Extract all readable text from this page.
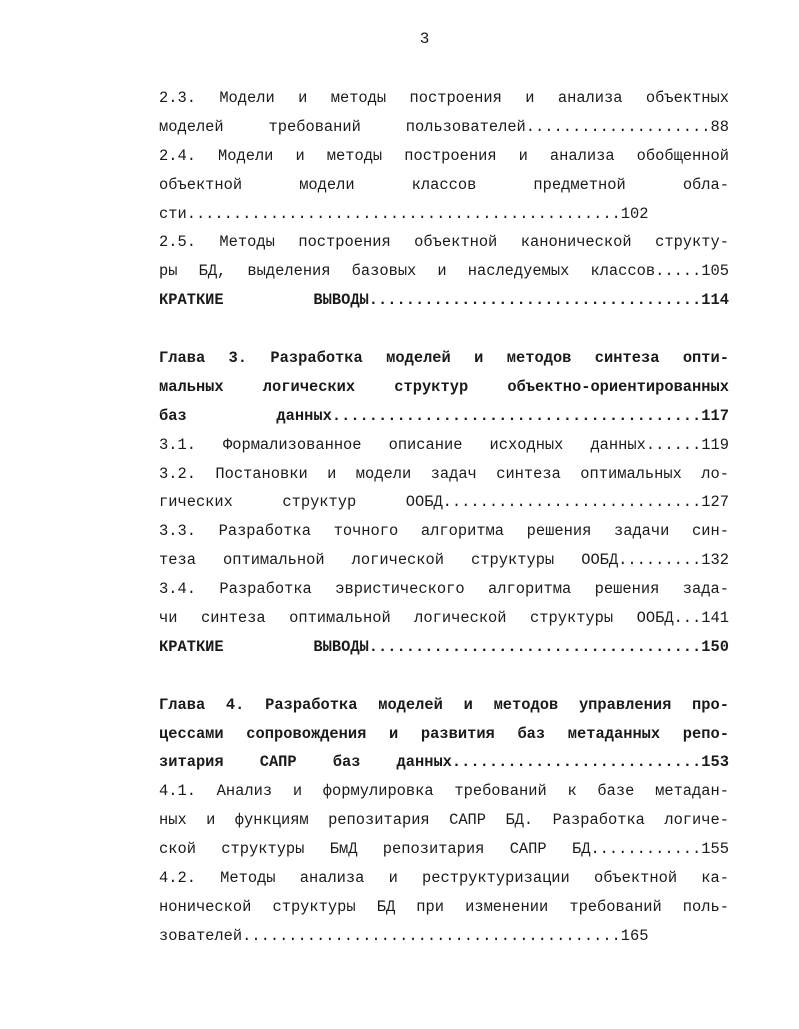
3
2.3. Модели и методы построения и анализа объектных
моделей требований пользователей....................88
2.4. Модели и методы построения и анализа обобщенной
объектной модели классов предметной обла-
сти...............................................102
2.5. Методы построения объектной канонической структу-
ры БД, выделения базовых и наследуемых классов.....105
КРАТКИЕ ВЫВОДЫ....................................114
Глава 3. Разработка моделей и методов синтеза опти-
мальных логических структур объектно-ориентированных
баз данных........................................117
3.1. Формализованное описание исходных данных......119
3.2. Постановки и модели задач синтеза оптимальных ло-
гических структур ООБД............................127
3.3. Разработка точного алгоритма решения задачи син-
теза оптимальной логической структуры ООБД.........132
3.4. Разработка эвристического алгоритма решения зада-
чи синтеза оптимальной логической структуры ООБД...141
КРАТКИЕ ВЫВОДЫ....................................150
Глава 4. Разработка моделей и методов управления про-
цессами сопровождения и развития баз метаданных репо-
зитария САПР баз данных...........................153
4.1. Анализ и формулировка требований к базе метадан-
ных и функциям репозитария САПР БД. Разработка логиче-
ской структуры БмД репозитария САПР БД............155
4.2. Методы анализа и реструктуризации объектной ка-
нонической структуры БД при изменении требований поль-
зователей.........................................165
